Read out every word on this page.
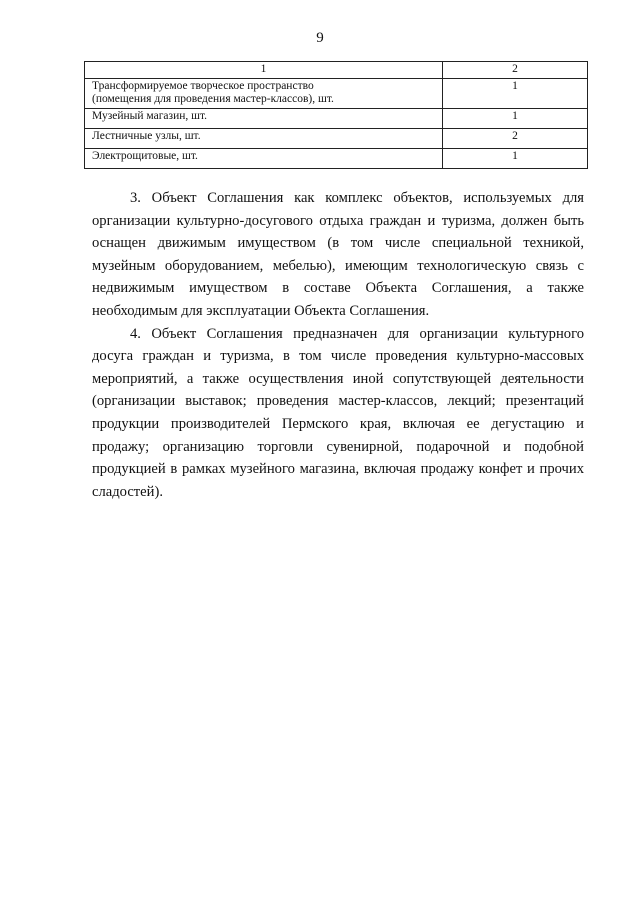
9
1	2

Трансформируемое творческое пространство
(помещения для проведения мастер-классов), шт.	1
Музейный магазин, шт.	1
Лестничные узлы, шт.	2
Электрощитовые, шт.	1

3. Объект Соглашения как комплекс объектов, используемых для организации культурно-досугового отдыха граждан и туризма, должен быть оснащен движимым имуществом (в том числе специальной техникой, музейным оборудованием, мебелью), имеющим технологическую связь с недвижимым имуществом в составе Объекта Соглашения, а также необходимым для эксплуатации Объекта Соглашения.

4. Объект Соглашения предназначен для организации культурного досуга граждан и туризма, в том числе проведения культурно-массовых мероприятий, а также осуществления иной сопутствующей деятельности (организации выставок; проведения мастер-классов, лекций; презентаций продукции производителей Пермского края, включая ее дегустацию и продажу; организацию торговли сувенирной, подарочной и подобной продукцией в рамках музейного магазина, включая продажу конфет и прочих сладостей).
